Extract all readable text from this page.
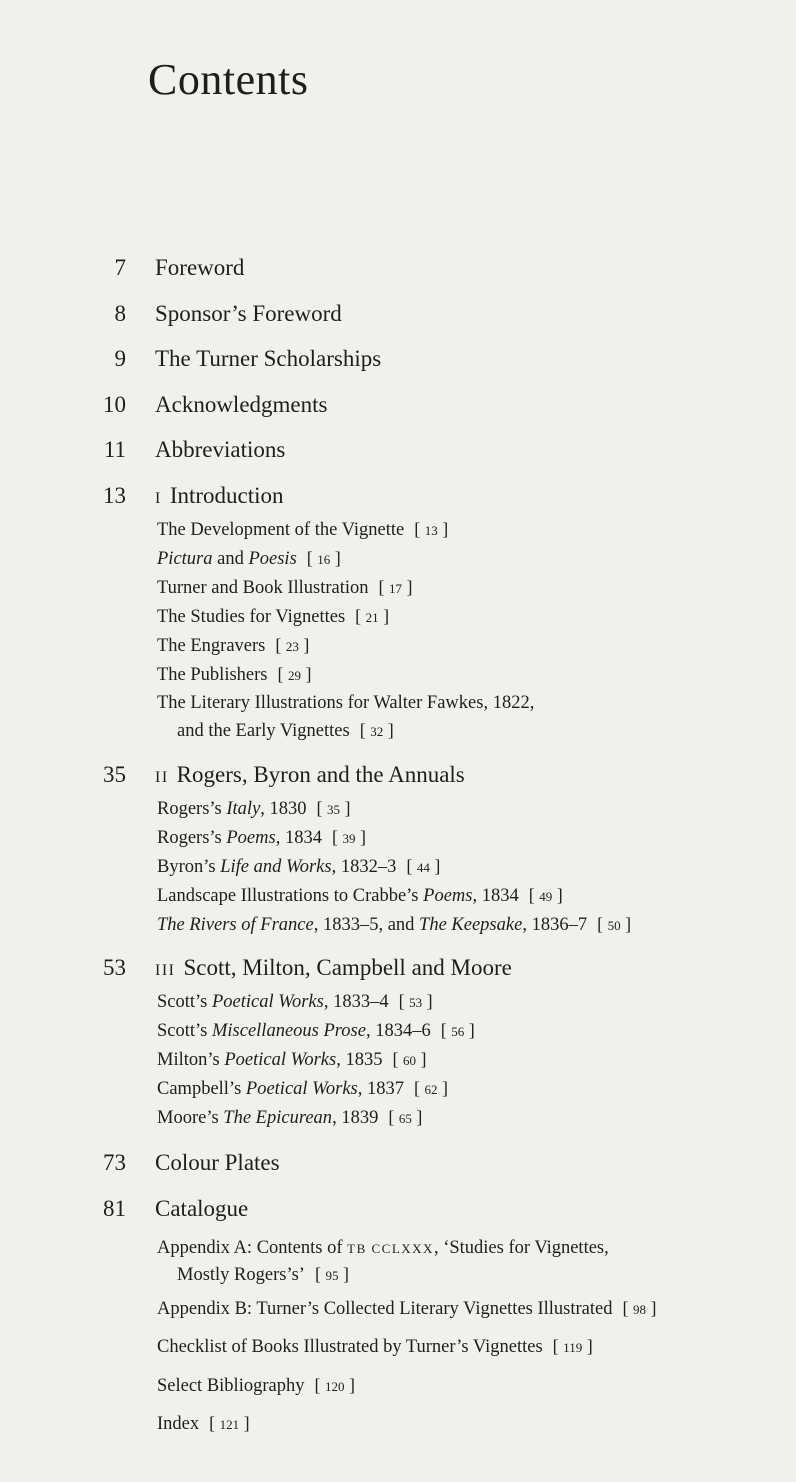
Contents
7 Foreword
8 Sponsor’s Foreword
9 The Turner Scholarships
10 Acknowledgments
11 Abbreviations
13 I Introduction
The Development of the Vignette [ 13 ]
Pictura and Poesis [ 16 ]
Turner and Book Illustration [ 17 ]
The Studies for Vignettes [ 21 ]
The Engravers [ 23 ]
The Publishers [ 29 ]
The Literary Illustrations for Walter Fawkes, 1822,
and the Early Vignettes [ 32 ]
35 II Rogers, Byron and the Annuals
Rogers’s Italy, 1830 [ 35 ]
Rogers’s Poems, 1834 [ 39 ]
Byron’s Life and Works, 1832–3 [ 44 ]
Landscape Illustrations to Crabbe’s Poems, 1834 [ 49 ]
The Rivers of France, 1833–5, and The Keepsake, 1836–7 [ 50 ]
53 III Scott, Milton, Campbell and Moore
Scott’s Poetical Works, 1833–4 [ 53 ]
Scott’s Miscellaneous Prose, 1834–6 [ 56 ]
Milton’s Poetical Works, 1835 [ 60 ]
Campbell’s Poetical Works, 1837 [ 62 ]
Moore’s The Epicurean, 1839 [ 65 ]
73 Colour Plates
81 Catalogue
Appendix A: Contents of TB CCLXXX, ‘Studies for Vignettes,
Mostly Rogers’s’ [ 95 ]
Appendix B: Turner’s Collected Literary Vignettes Illustrated [ 98 ]
Checklist of Books Illustrated by Turner’s Vignettes [ 119 ]
Select Bibliography [ 120 ]
Index [ 121 ]
